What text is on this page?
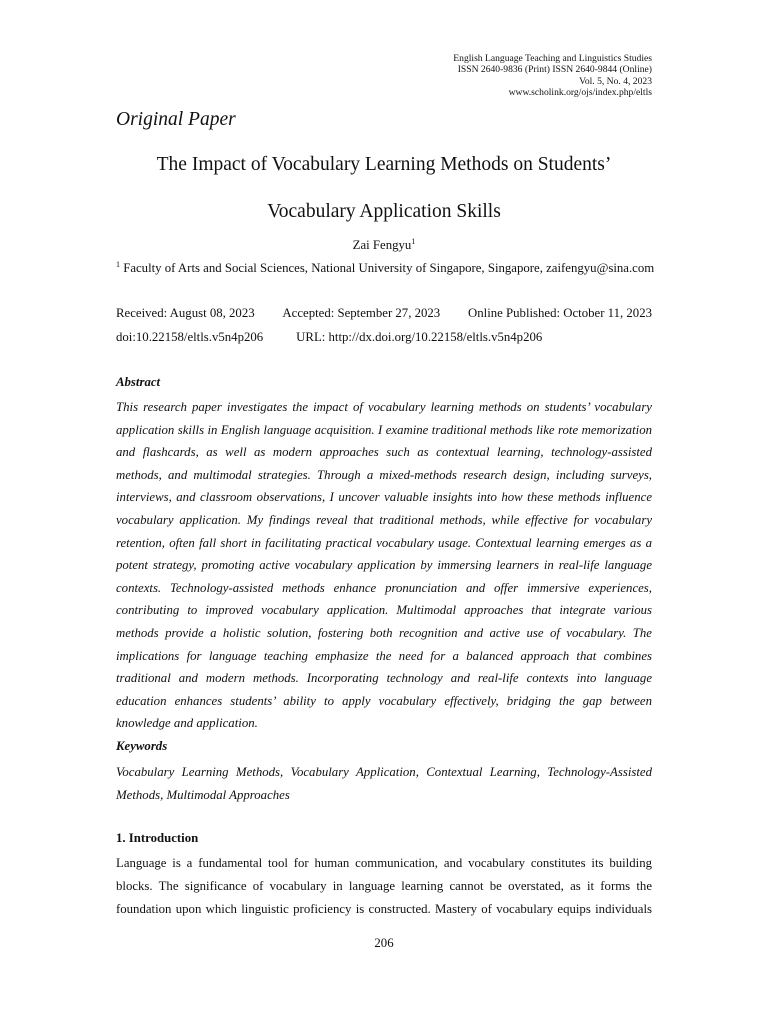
English Language Teaching and Linguistics Studies
ISSN 2640-9836 (Print) ISSN 2640-9844 (Online)
Vol. 5, No. 4, 2023
www.scholink.org/ojs/index.php/eltls
Original Paper
The Impact of Vocabulary Learning Methods on Students’
Vocabulary Application Skills
Zai Fengyu$^1$
$^1$ Faculty of Arts and Social Sciences, National University of Singapore, Singapore, zaifengyu@sina.com
Received: August 08, 2023 Accepted: September 27, 2023 Online Published: October 11, 2023
doi:10.22158/eltls.v5n4p206	URL: http://dx.doi.org/10.22158/eltls.v5n4p206
Abstract
This research paper investigates the impact of vocabulary learning methods on students’ vocabulary application skills in English language acquisition. I examine traditional methods like rote memorization and flashcards, as well as modern approaches such as contextual learning, technology-assisted methods, and multimodal strategies. Through a mixed-methods research design, including surveys, interviews, and classroom observations, I uncover valuable insights into how these methods influence vocabulary application. My findings reveal that traditional methods, while effective for vocabulary retention, often fall short in facilitating practical vocabulary usage. Contextual learning emerges as a potent strategy, promoting active vocabulary application by immersing learners in real-life language contexts. Technology-assisted methods enhance pronunciation and offer immersive experiences, contributing to improved vocabulary application. Multimodal approaches that integrate various methods provide a holistic solution, fostering both recognition and active use of vocabulary. The implications for language teaching emphasize the need for a balanced approach that combines traditional and modern methods. Incorporating technology and real-life contexts into language education enhances students’ ability to apply vocabulary effectively, bridging the gap between knowledge and application.
Keywords
Vocabulary Learning Methods, Vocabulary Application, Contextual Learning, Technology-Assisted Methods, Multimodal Approaches
1. Introduction
Language is a fundamental tool for human communication, and vocabulary constitutes its building blocks. The significance of vocabulary in language learning cannot be overstated, as it forms the foundation upon which linguistic proficiency is constructed. Mastery of vocabulary equips individuals
206
